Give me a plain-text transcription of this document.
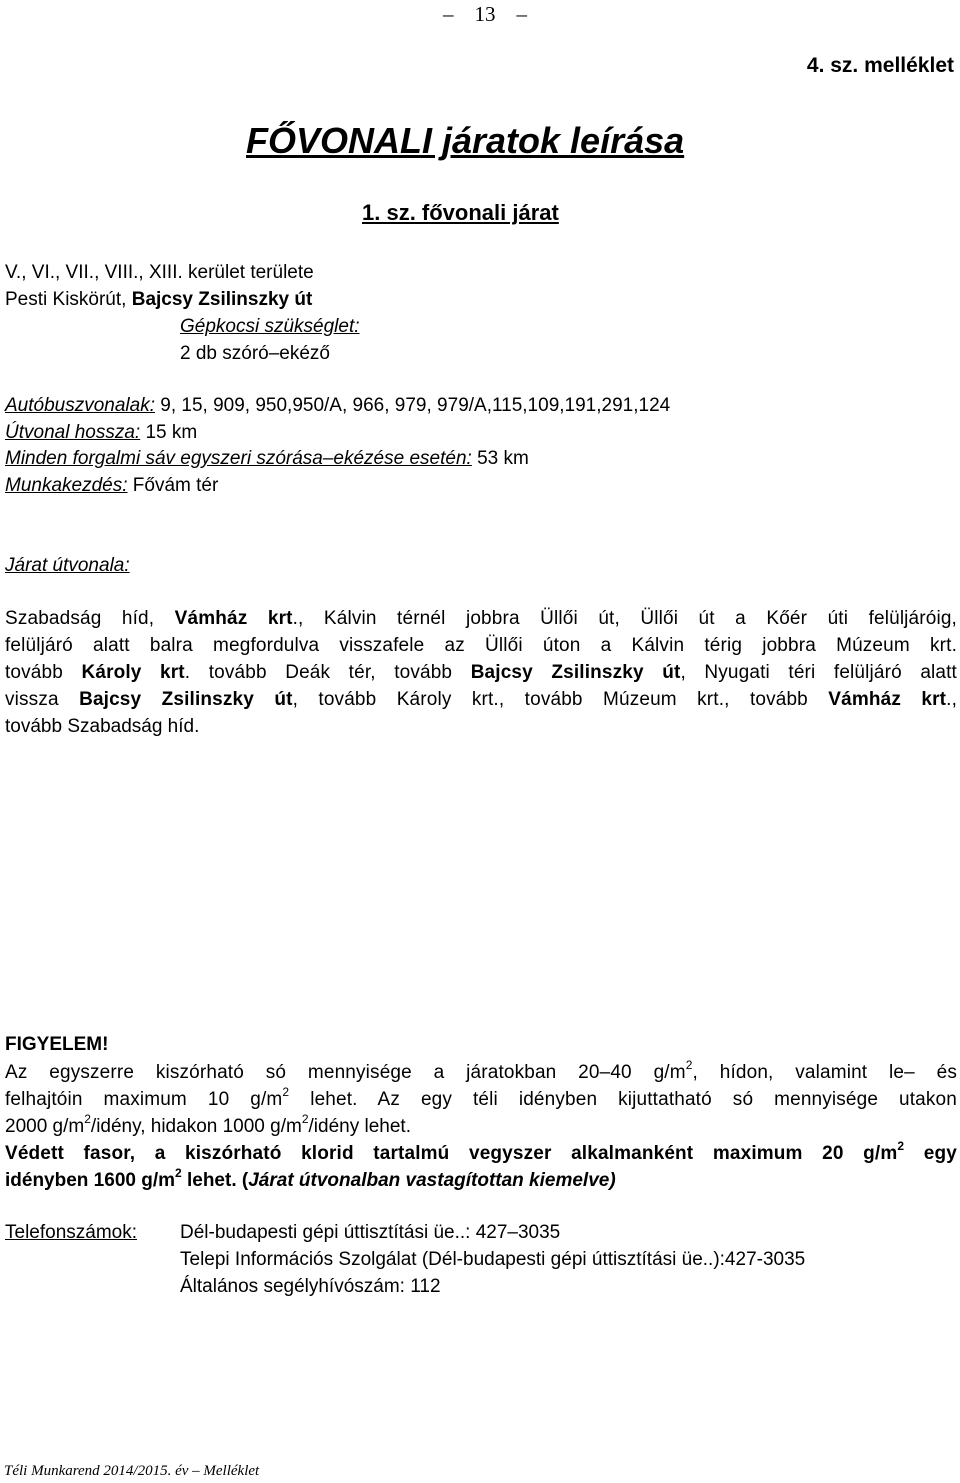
– 13 –
4. sz. melléklet
FŐVONALI járatok leírása
1. sz. fővonali járat
V., VI., VII., VIII., XIII. kerület területe
Pesti Kiskörút, Bajcsy Zsilinszky út
Gépkocsi szükséglet:
2 db szóró–ekéző
Autóbuszvonalak: 9, 15, 909, 950,950/A, 966, 979, 979/A,115,109,191,291,124
Útvonal hossza: 15 km
Minden forgalmi sáv egyszeri szórása–ekézése esetén: 53 km
Munkakezdés: Fővám tér
Járat útvonala:
Szabadság híd, Vámház krt., Kálvin térnél jobbra Üllői út, Üllői út a Kőér úti felüljáróig,
felüljáró alatt balra megfordulva visszafele az Üllői úton a Kálvin térig jobbra Múzeum krt.
tovább Károly krt. tovább Deák tér, tovább Bajcsy Zsilinszky út, Nyugati téri felüljáró alatt
vissza Bajcsy Zsilinszky út, tovább Károly krt., tovább Múzeum krt., tovább Vámház krt.,
tovább Szabadság híd.
FIGYELEM!
Az egyszerre kiszórható só mennyisége a járatokban 20–40 $g/m^2$, hídon, valamint le– és
felhajtóin maximum 10 $g/m^2$ lehet. Az egy téli idényben kijuttatható só mennyisége utakon
2000 $g/m^2$/idény, hidakon 1000 $g/m^2$/idény lehet.
Védett fasor, a kiszórható klorid tartalmú vegyszer alkalmanként maximum 20 $g/m^2$ egy
idényben 1600 $g/m^2$ lehet. (Járat útvonalban vastagítottan kiemelve)
Telefonszámok: Dél-budapesti gépi úttisztítási üe..: 427–3035
Telepi Információs Szolgálat (Dél-budapesti gépi úttisztítási üe..):427-3035
Általános segélyhívószám: 112
Téli Munkarend 2014/2015. év – Melléklet
